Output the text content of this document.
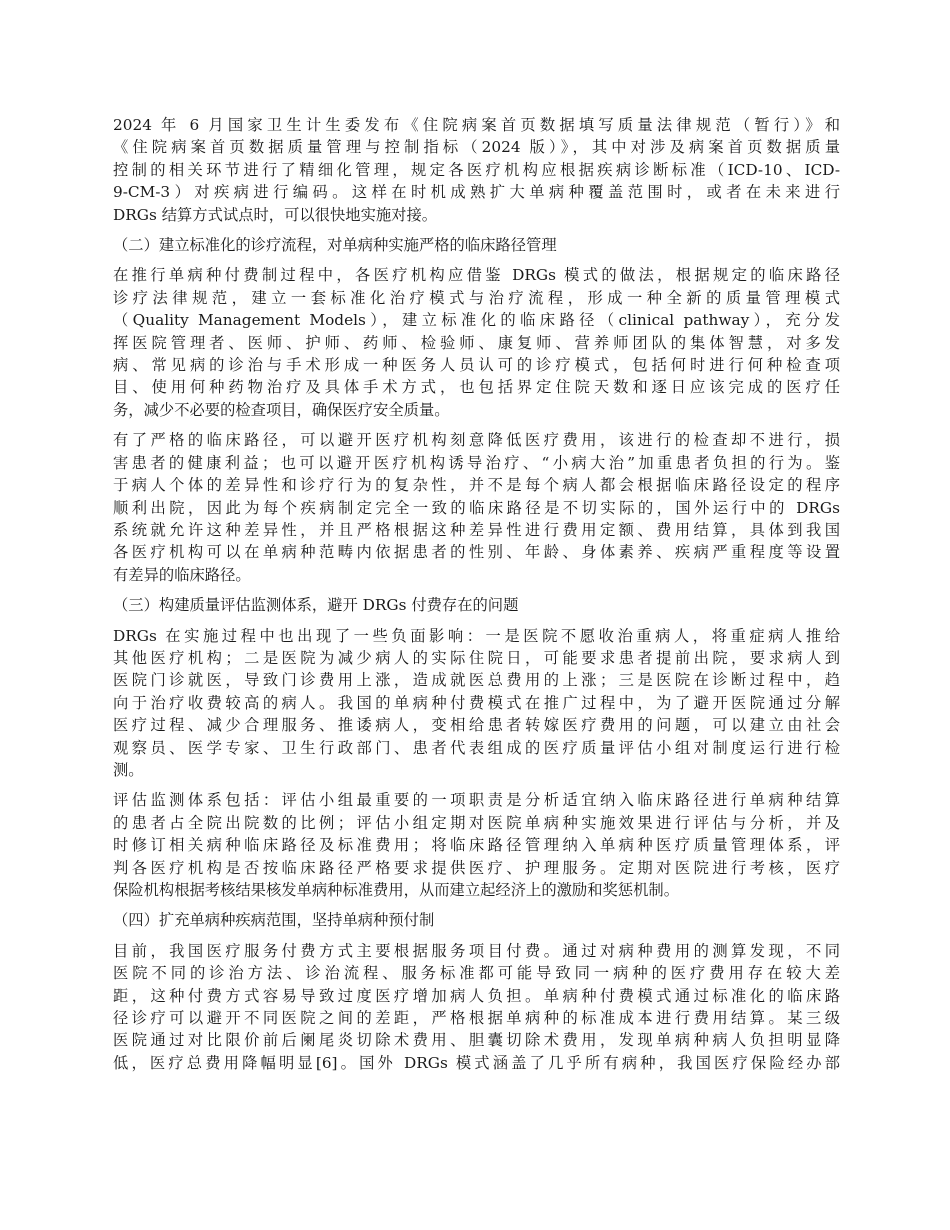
2024 年 6 月国家卫生计生委发布《住院病案首页数据填写质量法律规范（暂行）》和
《住院病案首页数据质量管理与控制指标（2024 版）》，其中对涉及病案首页数据质量
控制的相关环节进行了精细化管理，规定各医疗机构应根据疾病诊断标准（ICD-10、ICD-
9-CM-3）对疾病进行编码。这样在时机成熟扩大单病种覆盖范围时，或者在未来进行
DRGs 结算方式试点时，可以很快地实施对接。
（二）建立标准化的诊疗流程，对单病种实施严格的临床路径管理
在推行单病种付费制过程中，各医疗机构应借鉴 DRGs 模式的做法，根据规定的临床路径
诊疗法律规范，建立一套标准化治疗模式与治疗流程，形成一种全新的质量管理模式
（Quality Management Models），建立标准化的临床路径（clinical pathway），充分发
挥医院管理者、医师、护师、药师、检验师、康复师、营养师团队的集体智慧，对多发
病、常见病的诊治与手术形成一种医务人员认可的诊疗模式，包括何时进行何种检查项
目、使用何种药物治疗及具体手术方式，也包括界定住院天数和逐日应该完成的医疗任
务，减少不必要的检查项目，确保医疗安全质量。
有了严格的临床路径，可以避开医疗机构刻意降低医疗费用，该进行的检查却不进行，损
害患者的健康利益；也可以避开医疗机构诱导治疗、“小病大治”加重患者负担的行为。鉴
于病人个体的差异性和诊疗行为的复杂性，并不是每个病人都会根据临床路径设定的程序
顺利出院，因此为每个疾病制定完全一致的临床路径是不切实际的，国外运行中的 DRGs
系统就允许这种差异性，并且严格根据这种差异性进行费用定额、费用结算，具体到我国
各医疗机构可以在单病种范畴内依据患者的性别、年龄、身体素养、疾病严重程度等设置
有差异的临床路径。
（三）构建质量评估监测体系，避开 DRGs 付费存在的问题
DRGs 在实施过程中也出现了一些负面影响：一是医院不愿收治重病人，将重症病人推给
其他医疗机构；二是医院为减少病人的实际住院日，可能要求患者提前出院，要求病人到
医院门诊就医，导致门诊费用上涨，造成就医总费用的上涨；三是医院在诊断过程中，趋
向于治疗收费较高的病人。我国的单病种付费模式在推广过程中，为了避开医院通过分解
医疗过程、减少合理服务、推诿病人，变相给患者转嫁医疗费用的问题，可以建立由社会
观察员、医学专家、卫生行政部门、患者代表组成的医疗质量评估小组对制度运行进行检
测。
评估监测体系包括：评估小组最重要的一项职责是分析适宜纳入临床路径进行单病种结算
的患者占全院出院数的比例；评估小组定期对医院单病种实施效果进行评估与分析，并及
时修订相关病种临床路径及标准费用；将临床路径管理纳入单病种医疗质量管理体系，评
判各医疗机构是否按临床路径严格要求提供医疗、护理服务。定期对医院进行考核，医疗
保险机构根据考核结果核发单病种标准费用，从而建立起经济上的激励和奖惩机制。
（四）扩充单病种疾病范围，坚持单病种预付制
目前，我国医疗服务付费方式主要根据服务项目付费。通过对病种费用的测算发现，不同
医院不同的诊治方法、诊治流程、服务标准都可能导致同一病种的医疗费用存在较大差
距，这种付费方式容易导致过度医疗增加病人负担。单病种付费模式通过标准化的临床路
径诊疗可以避开不同医院之间的差距，严格根据单病种的标准成本进行费用结算。某三级
医院通过对比限价前后阑尾炎切除术费用、胆囊切除术费用，发现单病种病人负担明显降
低，医疗总费用降幅明显[6]。国外 DRGs 模式涵盖了几乎所有病种，我国医疗保险经办部
